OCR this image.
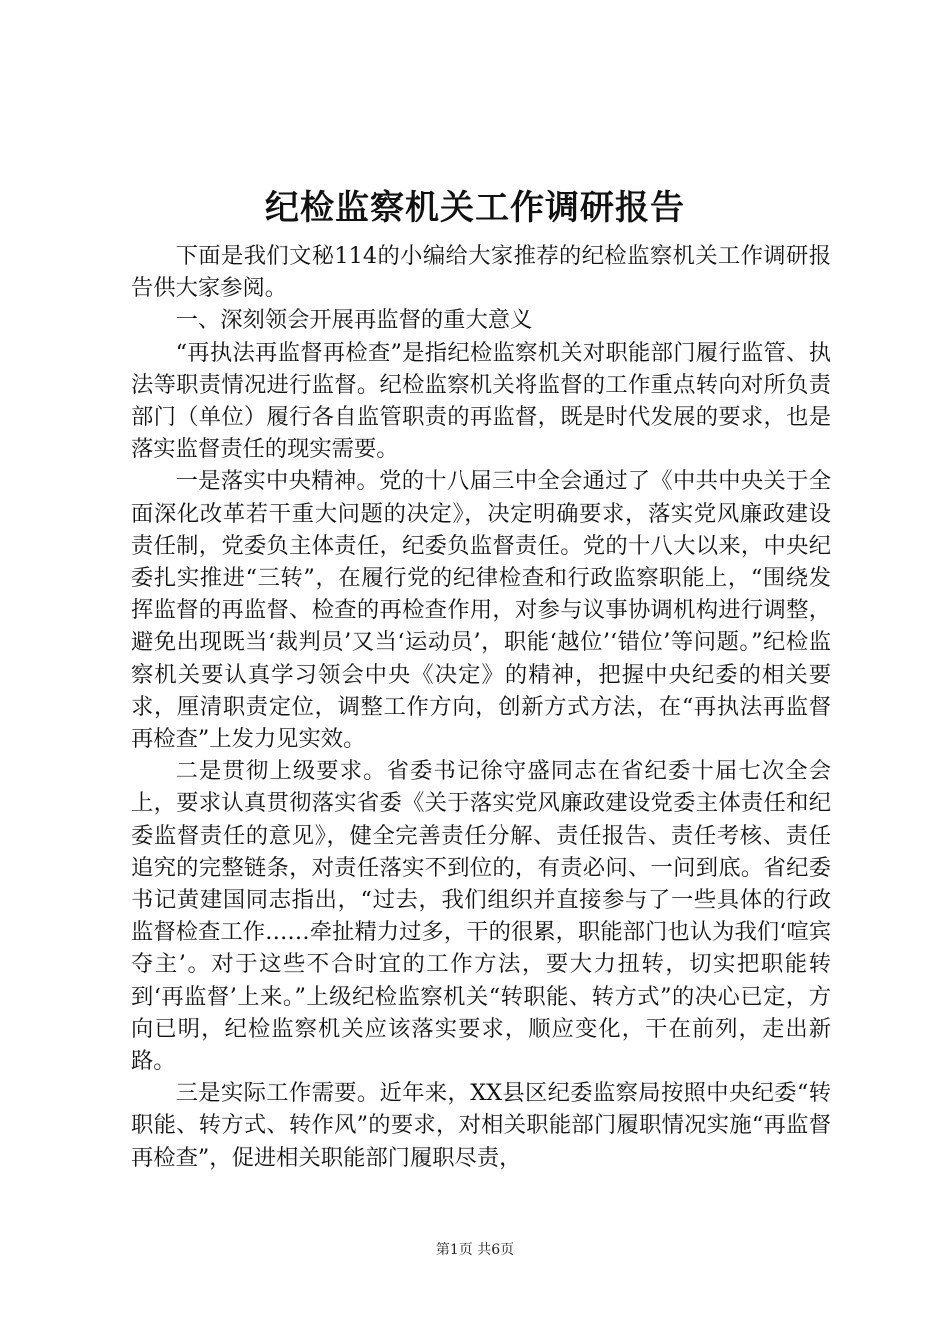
纪检监察机关工作调研报告

下面是我们文秘114的小编给大家推荐的纪检监察机关工作调研报告供大家参阅。

一、深刻领会开展再监督的重大意义

“再执法再监督再检查”是指纪检监察机关对职能部门履行监管、执法等职责情况进行监督。纪检监察机关将监督的工作重点转向对所负责部门（单位）履行各自监管职责的再监督，既是时代发展的要求，也是落实监督责任的现实需要。

一是落实中央精神。党的十八届三中全会通过了《中共中央关于全面深化改革若干重大问题的决定》，决定明确要求，落实党风廉政建设责任制，党委负主体责任，纪委负监督责任。党的十八大以来，中央纪委扎实推进“三转”，在履行党的纪律检查和行政监察职能上，“围绕发挥监督的再监督、检查的再检查作用，对参与议事协调机构进行调整，避免出现既当‘裁判员’又当‘运动员’，职能‘越位’‘错位’等问题。”纪检监察机关要认真学习领会中央《决定》的精神，把握中央纪委的相关要求，厘清职责定位，调整工作方向，创新方式方法，在“再执法再监督再检查”上发力见实效。

二是贯彻上级要求。省委书记徐守盛同志在省纪委十届七次全会上，要求认真贯彻落实省委《关于落实党风廉政建设党委主体责任和纪委监督责任的意见》，健全完善责任分解、责任报告、责任考核、责任追究的完整链条，对责任落实不到位的，有责必问、一问到底。省纪委书记黄建国同志指出，“过去，我们组织并直接参与了一些具体的行政监督检查工作……牵扯精力过多，干的很累，职能部门也认为我们‘喧宾夺主’。对于这些不合时宜的工作方法，要大力扭转，切实把职能转到‘再监督’上来。”上级纪检监察机关“转职能、转方式”的决心已定，方向已明，纪检监察机关应该落实要求，顺应变化，干在前列，走出新路。

三是实际工作需要。近年来，XX县区纪委监察局按照中央纪委“转职能、转方式、转作风”的要求，对相关职能部门履职情况实施“再监督再检查”，促进相关职能部门履职尽责，

第1页 共6页
